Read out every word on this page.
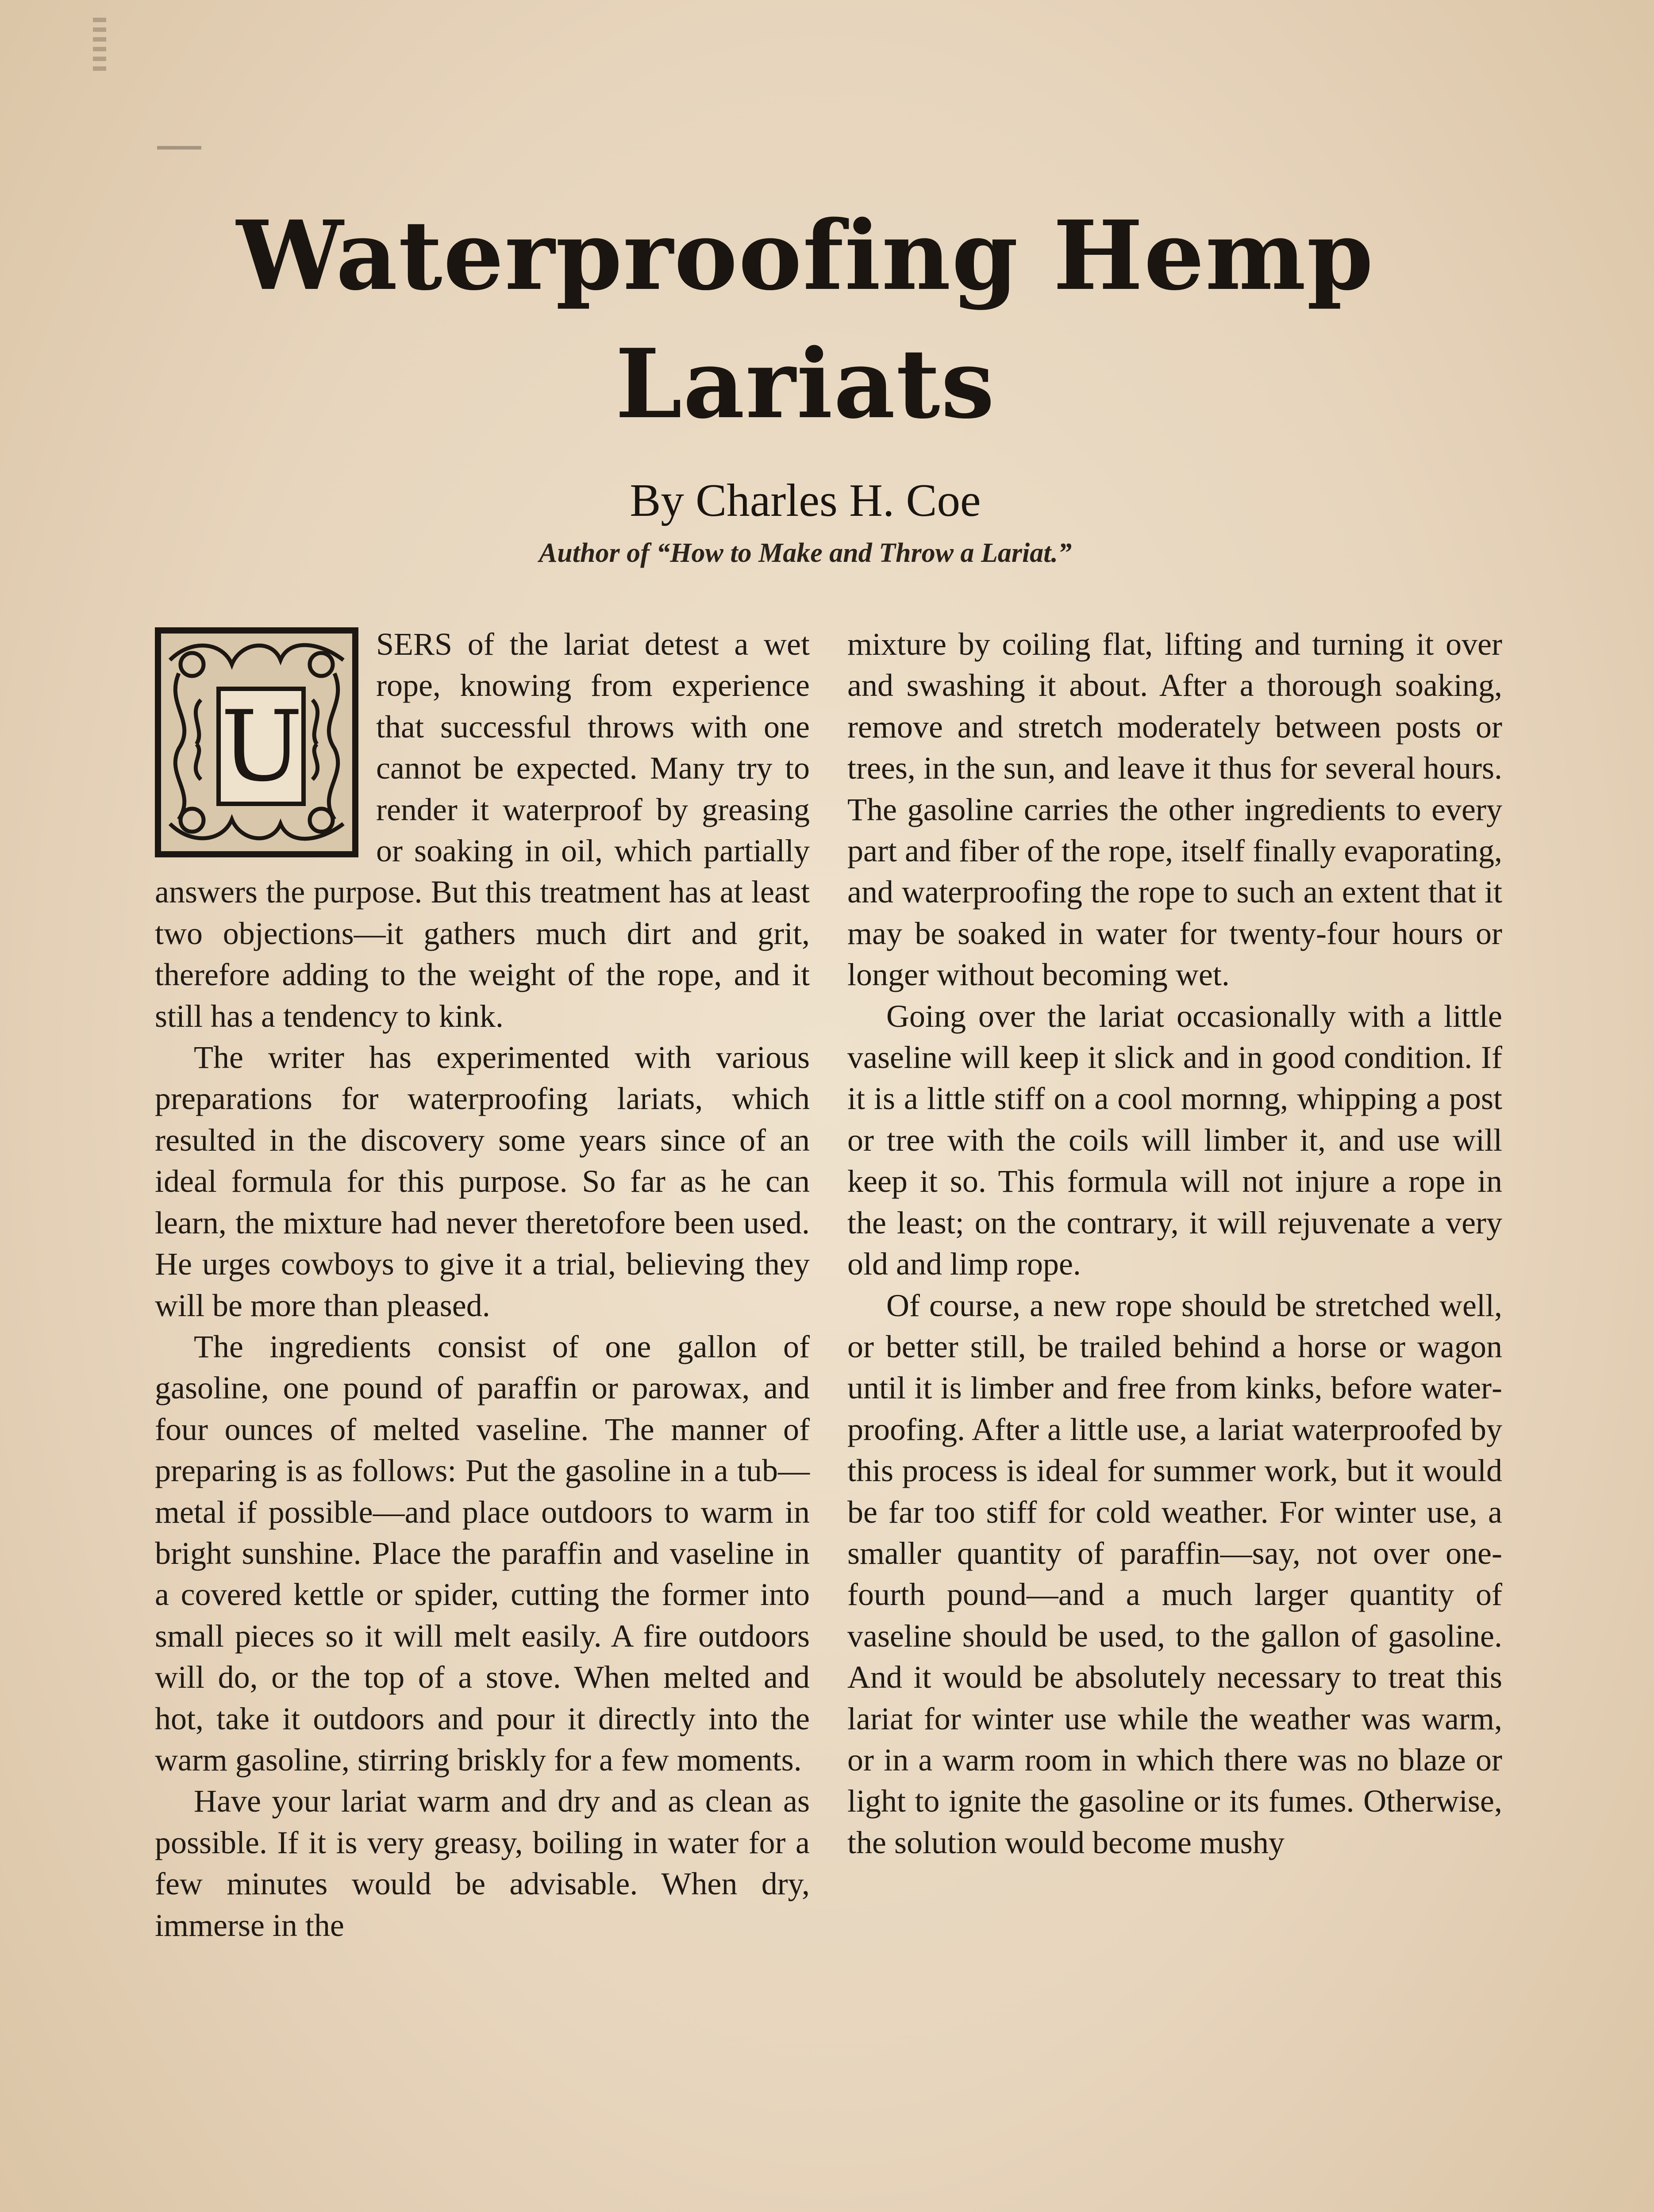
Waterproofing Hemp
Lariats
By Charles H. Coe
Author of “How to Make and Throw a Lariat.”
U

SERS of the lariat detest a wet rope, knowing from experience that successful throws with one cannot be expected. Many try to render it waterproof by greasing or soaking in oil, which partially answers the purpose. But this treatment has at least two objections—it gathers much dirt and grit, therefore adding to the weight of the rope, and it still has a tendency to kink.

The writer has experimented with various preparations for waterproofing lariats, which resulted in the discovery some years since of an ideal formula for this purpose. So far as he can learn, the mixture had never theretofore been used. He urges cowboys to give it a trial, believing they will be more than pleased.

The ingredients consist of one gallon of gasoline, one pound of paraffin or parowax, and four ounces of melted vaseline. The manner of preparing is as follows: Put the gasoline in a tub—metal if possible—and place outdoors to warm in bright sunshine. Place the paraffin and vaseline in a covered kettle or spider, cutting the former into small pieces so it will melt easily. A fire outdoors will do, or the top of a stove. When melted and hot, take it outdoors and pour it directly into the warm gasoline, stirring briskly for a few moments.

Have your lariat warm and dry and as clean as possible. If it is very greasy, boiling in water for a few minutes would be advisable. When dry, immerse in the

mixture by coiling flat, lifting and turning it over and swashing it about. After a thorough soaking, remove and stretch moderately between posts or trees, in the sun, and leave it thus for several hours. The gasoline carries the other ingredients to every part and fiber of the rope, itself finally evaporating, and waterproofing the rope to such an extent that it may be soaked in water for twenty-four hours or longer without becoming wet.

Going over the lariat occasionally with a little vaseline will keep it slick and in good condition. If it is a little stiff on a cool mornng, whipping a post or tree with the coils will limber it, and use will keep it so. This formula will not injure a rope in the least; on the contrary, it will rejuvenate a very old and limp rope.

Of course, a new rope should be stretched well, or better still, be trailed behind a horse or wagon until it is limber and free from kinks, before waterproofing. After a little use, a lariat waterproofed by this process is ideal for summer work, but it would be far too stiff for cold weather. For winter use, a smaller quantity of paraffin—say, not over one-fourth pound—and a much larger quantity of vaseline should be used, to the gallon of gasoline. And it would be absolutely necessary to treat this lariat for winter use while the weather was warm, or in a warm room in which there was no blaze or light to ignite the gasoline or its fumes. Otherwise, the solution would become mushy
